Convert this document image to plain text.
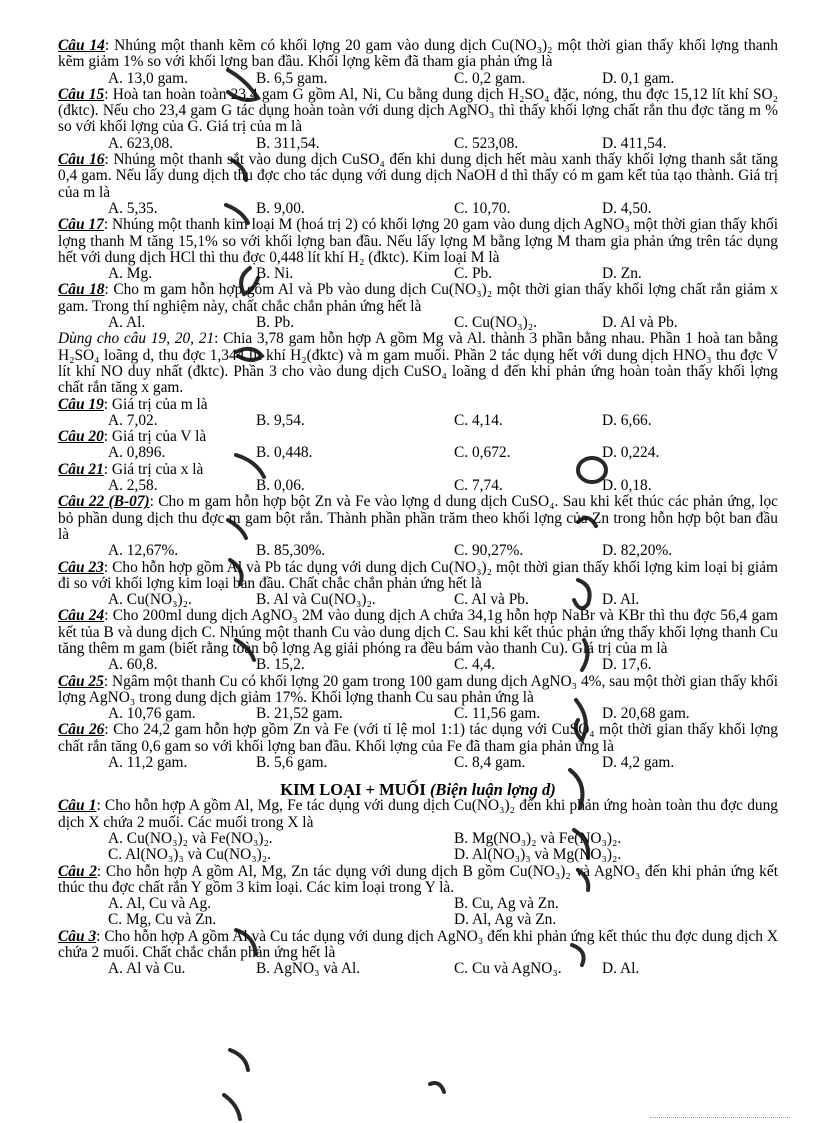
Câu 14: Nhúng một thanh kẽm có khối lợng 20 gam vào dung dịch Cu(NO₃)₂ một thời gian thấy khối lợng thanh kẽm giảm 1% so với khối lợng ban đầu. Khối lợng kẽm đã tham gia phản ứng là

A. 13,0 gam.	B. 6,5 gam.	C. 0,2 gam.	D. 0,1 gam.

Câu 15: Hoà tan hoàn toàn 23,4 gam G gồm Al, Ni, Cu bằng dung dịch H₂SO₄ đặc, nóng, thu đợc 15,12 lít khí SO₂ (đktc). Nếu cho 23,4 gam G tác dụng hoàn toàn với dung dịch AgNO₃ thì thấy khối lợng chất rắn thu đợc tăng m % so với khối lợng của G. Giá trị của m là

A. 623,08.	B. 311,54.	C. 523,08.	D. 411,54.

Câu 16: Nhúng một thanh sắt vào dung dịch CuSO₄ đến khi dung dịch hết màu xanh thấy khối lợng thanh sắt tăng 0,4 gam. Nếu lấy dung dịch thu đợc cho tác dụng với dung dịch NaOH d thì thấy có m gam kết tủa tạo thành. Giá trị của m là

A. 5,35.	B. 9,00.	C. 10,70.	D. 4,50.

Câu 17: Nhúng một thanh kim loại M (hoá trị 2) có khối lợng 20 gam vào dung dịch AgNO₃ một thời gian thấy khối lợng thanh M tăng 15,1% so với khối lợng ban đầu. Nếu lấy lợng M bằng lợng M tham gia phản ứng trên tác dụng hết với dung dịch HCl thì thu đợc 0,448 lít khí H₂ (đktc). Kim loại M là

A. Mg.	B. Ni.	C. Pb.	D. Zn.

Câu 18: Cho m gam hỗn hợp gồm Al và Pb vào dung dịch Cu(NO₃)₂ một thời gian thấy khối lợng chất rắn giảm x gam. Trong thí nghiệm này, chất chắc chắn phản ứng hết là

A. Al.	B. Pb.	C. Cu(NO₃)₂.	D. Al và Pb.

Dùng cho câu 19, 20, 21: Chia 3,78 gam hỗn hợp A gồm Mg và Al. thành 3 phần bằng nhau. Phần 1 hoà tan bằng H₂SO₄ loãng d, thu đợc 1,344 lít khí H₂(đktc) và m gam muối. Phần 2 tác dụng hết với dung dịch HNO₃ thu đợc V lít khí NO duy nhất (đktc). Phần 3 cho vào dung dịch CuSO₄ loãng d đến khi phản ứng hoàn toàn thấy khối lợng chất rắn tăng x gam.

Câu 19: Giá trị của m là

A. 7,02.	B. 9,54.	C. 4,14.	D. 6,66.

Câu 20: Giá trị của V là

A. 0,896.	B. 0,448.	C. 0,672.	D. 0,224.

Câu 21: Giá trị của x là

A. 2,58.	B. 0,06.	C. 7,74.	D. 0,18.

Câu 22 (B-07): Cho m gam hỗn hợp bột Zn và Fe vào lợng d dung dịch CuSO₄. Sau khi kết thúc các phản ứng, lọc bỏ phần dung dịch thu đợc m gam bột rắn. Thành phần phần trăm theo khối lợng của Zn trong hỗn hợp bột ban đầu là

A. 12,67%.	B. 85,30%.	C. 90,27%.	D. 82,20%.

Câu 23: Cho hỗn hợp gồm Al và Pb tác dụng với dung dịch Cu(NO₃)₂ một thời gian thấy khối lợng kim loại bị giảm đi so với khối lợng kim loại ban đầu. Chất chắc chắn phản ứng hết là

A. Cu(NO₃)₂.	B. Al và Cu(NO₃)₂.	C. Al và Pb.	D. Al.

Câu 24: Cho 200ml dung dịch AgNO₃ 2M vào dung dịch A chứa 34,1g hỗn hợp NaBr và KBr thì thu đợc 56,4 gam kết tủa B và dung dịch C. Nhúng một thanh Cu vào dung dịch C. Sau khi kết thúc phản ứng thấy khối lợng thanh Cu tăng thêm m gam (biết rằng toàn bộ lợng Ag giải phóng ra đều bám vào thanh Cu). Giá trị của m là

A. 60,8.	B. 15,2.	C. 4,4.	D. 17,6.

Câu 25: Ngâm một thanh Cu có khối lợng 20 gam trong 100 gam dung dịch AgNO₃ 4%, sau một thời gian thấy khối lợng AgNO₃ trong dung dịch giảm 17%. Khối lợng thanh Cu sau phản ứng là

A. 10,76 gam.	B. 21,52 gam.	C. 11,56 gam.	D. 20,68 gam.

Câu 26: Cho 24,2 gam hỗn hợp gồm Zn và Fe (với tỉ lệ mol 1:1) tác dụng với CuSO₄ một thời gian thấy khối lợng chất rắn tăng 0,6 gam so với khối lợng ban đầu. Khối lợng của Fe đã tham gia phản ứng là

A. 11,2 gam.	B. 5,6 gam.	C. 8,4 gam.	D. 4,2 gam.
KIM LOẠI + MUỐI (Biện luận lợng d)

Câu 1: Cho hỗn hợp A gồm Al, Mg, Fe tác dụng với dung dịch Cu(NO₃)₂ đến khi phản ứng hoàn toàn thu đợc dung dịch X chứa 2 muối. Các muối trong X là

A. Cu(NO₃)₂ và Fe(NO₃)₂.	B. Mg(NO₃)₂ và Fe(NO₃)₂.
C. Al(NO₃)₃ và Cu(NO₃)₂.	D. Al(NO₃)₃ và Mg(NO₃)₂.

Câu 2: Cho hỗn hợp A gồm Al, Mg, Zn tác dụng với dung dịch B gồm Cu(NO₃)₂ và AgNO₃ đến khi phản ứng kết thúc thu đợc chất rắn Y gồm 3 kim loại. Các kim loại trong Y là.

A. Al, Cu và Ag.	B. Cu, Ag và Zn.
C. Mg, Cu và Zn.	D. Al, Ag và Zn.

Câu 3: Cho hỗn hợp A gồm Al và Cu tác dụng với dung dịch AgNO₃ đến khi phản ứng kết thúc thu đợc dung dịch X chứa 2 muối. Chất chắc chắn phản ứng hết là

A. Al và Cu.	B. AgNO₃ và Al.	C. Cu và AgNO₃.	D. Al.
